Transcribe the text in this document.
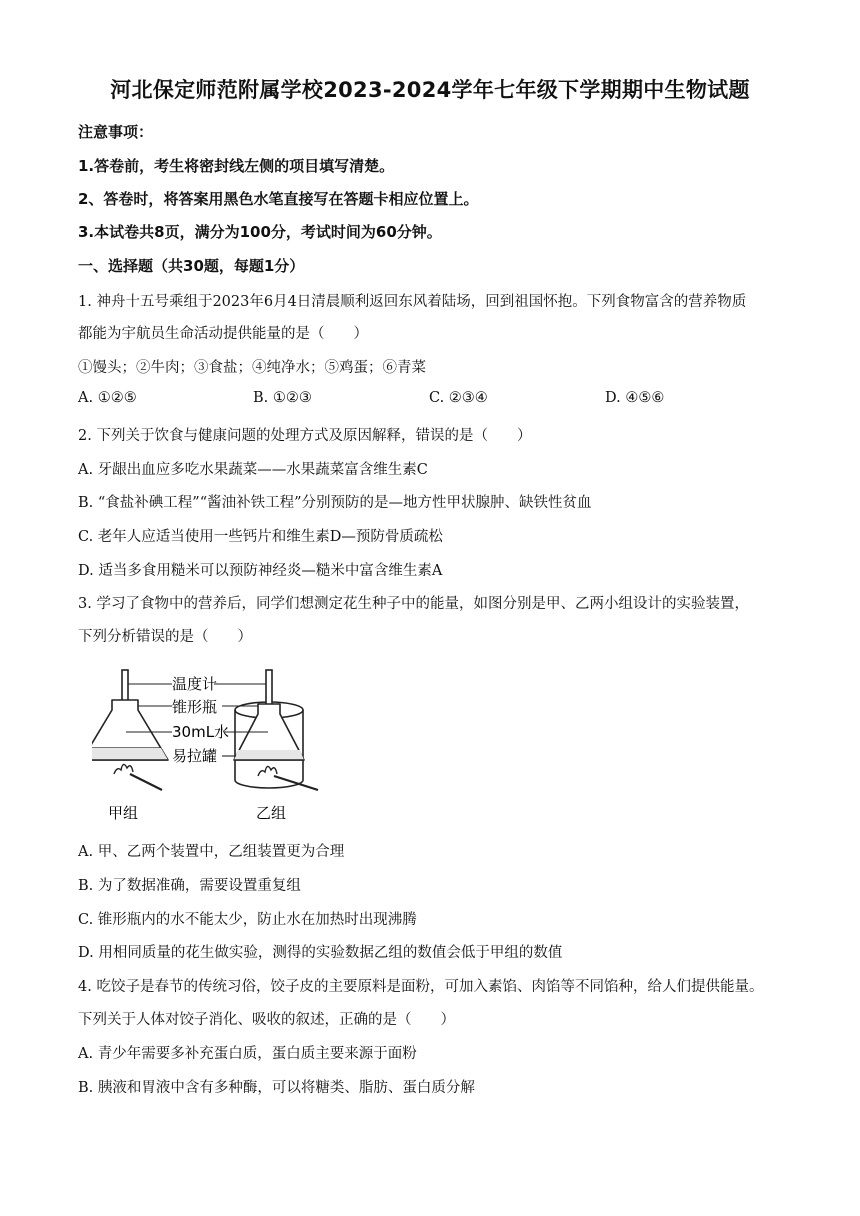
河北保定师范附属学校2023-2024学年七年级下学期期中生物试题
注意事项：
1.答卷前，考生将密封线左侧的项目填写清楚。
2、答卷时，将答案用黑色水笔直接写在答题卡相应位置上。
3.本试卷共8页，满分为100分，考试时间为60分钟。
一、选择题（共30题，每题1分）
1. 神舟十五号乘组于2023年6月4日清晨顺利返回东风着陆场，回到祖国怀抱。下列食物富含的营养物质
都能为宇航员生命活动提供能量的是（　　）
①馒头；②牛肉；③食盐；④纯净水；⑤鸡蛋；⑥青菜
A. ①②⑤	B. ①②③	C. ②③④	D. ④⑤⑥
2. 下列关于饮食与健康问题的处理方式及原因解释，错误的是（　　）
A. 牙龈出血应多吃水果蔬菜——水果蔬菜富含维生素C
B. “食盐补碘工程”“酱油补铁工程”分别预防的是—地方性甲状腺肿、缺铁性贫血
C. 老年人应适当使用一些钙片和维生素D—预防骨质疏松
D. 适当多食用糙米可以预防神经炎—糙米中富含维生素A
3. 学习了食物中的营养后，同学们想测定花生种子中的能量，如图分别是甲、乙两小组设计的实验装置，
下列分析错误的是（　　）
温度计
锥形瓶
30mL水
易拉罐
甲组	乙组
A. 甲、乙两个装置中，乙组装置更为合理
B. 为了数据准确，需要设置重复组
C. 锥形瓶内的水不能太少，防止水在加热时出现沸腾
D. 用相同质量的花生做实验，测得的实验数据乙组的数值会低于甲组的数值
4. 吃饺子是春节的传统习俗，饺子皮的主要原料是面粉，可加入素馅、肉馅等不同馅种，给人们提供能量。
下列关于人体对饺子消化、吸收的叙述，正确的是（　　）
A. 青少年需要多补充蛋白质，蛋白质主要来源于面粉
B. 胰液和胃液中含有多种酶，可以将糖类、脂肪、蛋白质分解
